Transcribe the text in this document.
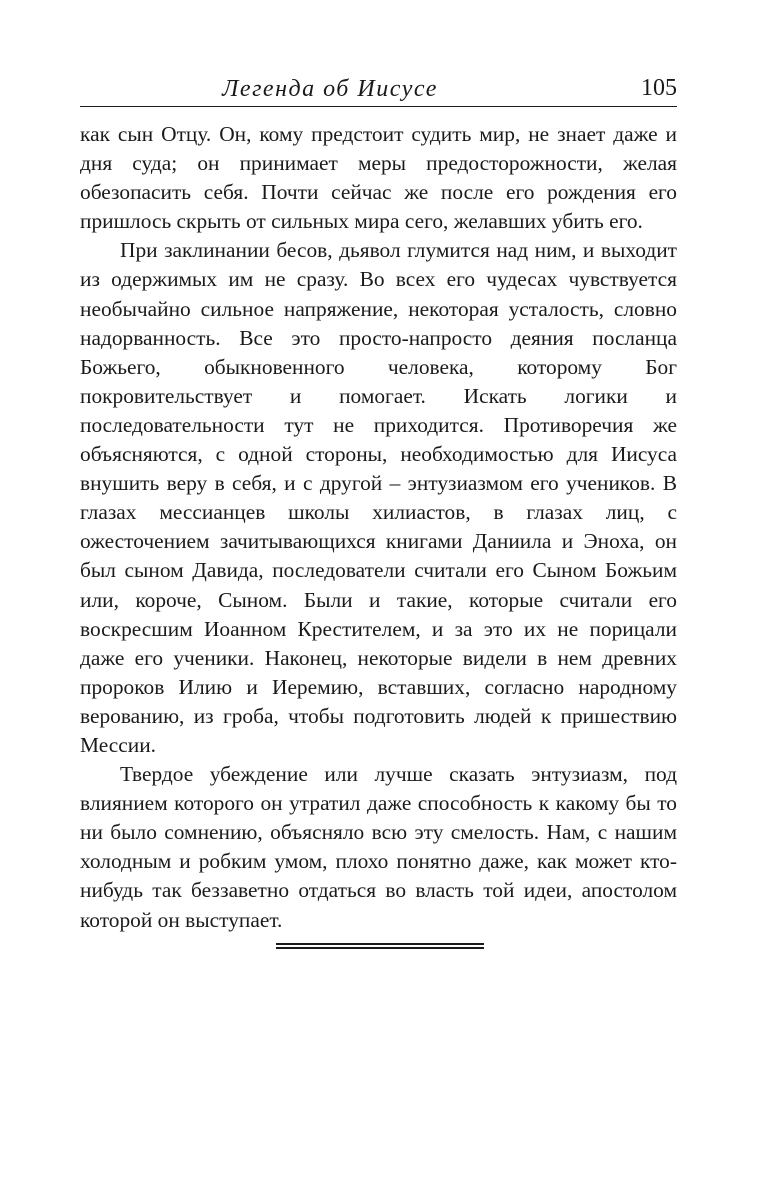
Легенда об Иисусе	105

как сын Отцу. Он, кому предстоит судить мир, не знает даже и дня суда; он принимает меры предосторожности, желая обезопасить себя. Почти сейчас же после его рождения его пришлось скрыть от сильных мира сего, желавших убить его.

При заклинании бесов, дьявол глумится над ним, и выходит из одержимых им не сразу. Во всех его чудесах чувствуется необычайно сильное напряжение, некоторая усталость, словно надорванность. Все это просто-напросто деяния посланца Божьего, обыкновенного человека, которому Бог покровительствует и помогает. Искать логики и последовательности тут не приходится. Противоречия же объясняются, с одной стороны, необходимостью для Иисуса внушить веру в себя, и с другой – энтузиазмом его учеников. В глазах мессианцев школы хилиастов, в глазах лиц, с ожесточением зачитывающихся книгами Даниила и Эноха, он был сыном Давида, последователи считали его Сыном Божьим или, короче, Сыном. Были и такие, которые считали его воскресшим Иоанном Крестителем, и за это их не порицали даже его ученики. Наконец, некоторые видели в нем древних пророков Илию и Иеремию, вставших, согласно народному верованию, из гроба, чтобы подготовить людей к пришествию Мессии.

Твердое убеждение или лучше сказать энтузиазм, под влиянием которого он утратил даже способность к какому бы то ни было сомнению, объясняло всю эту смелость. Нам, с нашим холодным и робким умом, плохо понятно даже, как может кто-нибудь так беззаветно отдаться во власть той идеи, апостолом которой он выступает.
